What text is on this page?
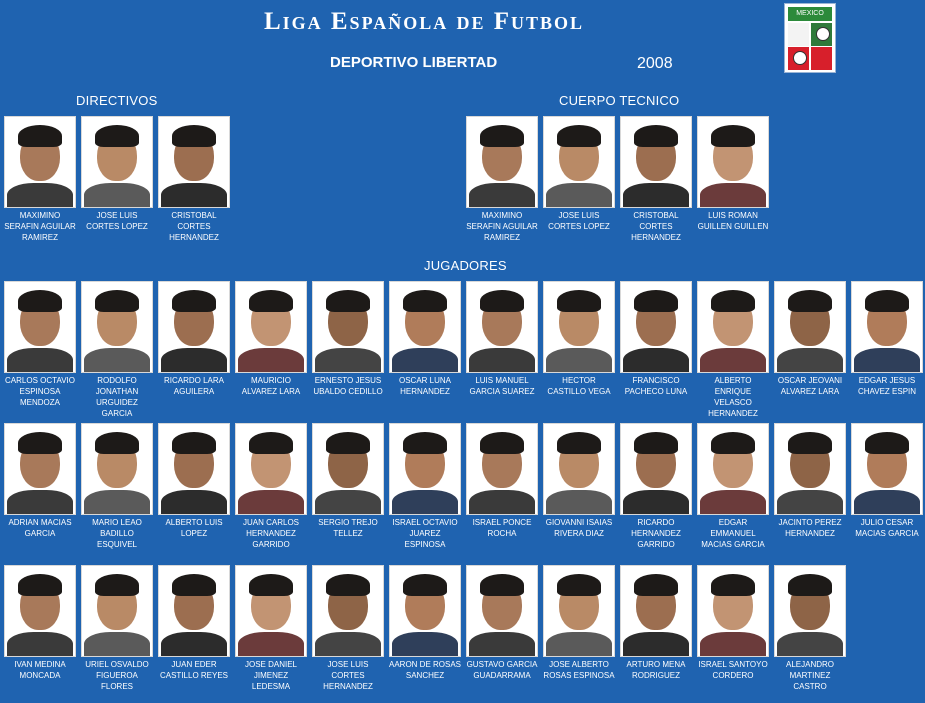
Liga Española de Futbol
DEPORTIVO LIBERTAD	2008
MEXICO
DIRECTIVOS	CUERPO TECNICO
JUGADORES
MAXIMINO SERAFIN AGUILAR RAMIREZ
JOSE LUIS CORTES LOPEZ
CRISTOBAL CORTES HERNANDEZ
MAXIMINO SERAFIN AGUILAR RAMIREZ
JOSE LUIS CORTES LOPEZ
CRISTOBAL CORTES HERNANDEZ
LUIS ROMAN GUILLEN GUILLEN
CARLOS OCTAVIO ESPINOSA MENDOZA
RODOLFO JONATHAN URGUIDEZ GARCIA
RICARDO LARA AGUILERA
MAURICIO ALVAREZ LARA
ERNESTO JESUS UBALDO CEDILLO
OSCAR LUNA HERNANDEZ
LUIS MANUEL GARCIA SUAREZ
HECTOR CASTILLO VEGA
FRANCISCO PACHECO LUNA
ALBERTO ENRIQUE VELASCO HERNANDEZ
OSCAR JEOVANI ALVAREZ LARA
EDGAR JESUS CHAVEZ ESPIN
ADRIAN MACIAS GARCIA
MARIO LEAO BADILLO ESQUIVEL
ALBERTO LUIS LOPEZ
JUAN CARLOS HERNANDEZ GARRIDO
SERGIO TREJO TELLEZ
ISRAEL OCTAVIO JUAREZ ESPINOSA
ISRAEL PONCE ROCHA
GIOVANNI ISAIAS RIVERA DIAZ
RICARDO HERNANDEZ GARRIDO
EDGAR EMMANUEL MACIAS GARCIA
JACINTO PEREZ HERNANDEZ
JULIO CESAR MACIAS GARCIA
IVAN MEDINA MONCADA
URIEL OSVALDO FIGUEROA FLORES
JUAN EDER CASTILLO REYES
JOSE DANIEL JIMENEZ LEDESMA
JOSE LUIS CORTES HERNANDEZ
AARON DE ROSAS SANCHEZ
GUSTAVO GARCIA GUADARRAMA
JOSE ALBERTO ROSAS ESPINOSA
ARTURO MENA RODRIGUEZ
ISRAEL SANTOYO CORDERO
ALEJANDRO MARTINEZ CASTRO
